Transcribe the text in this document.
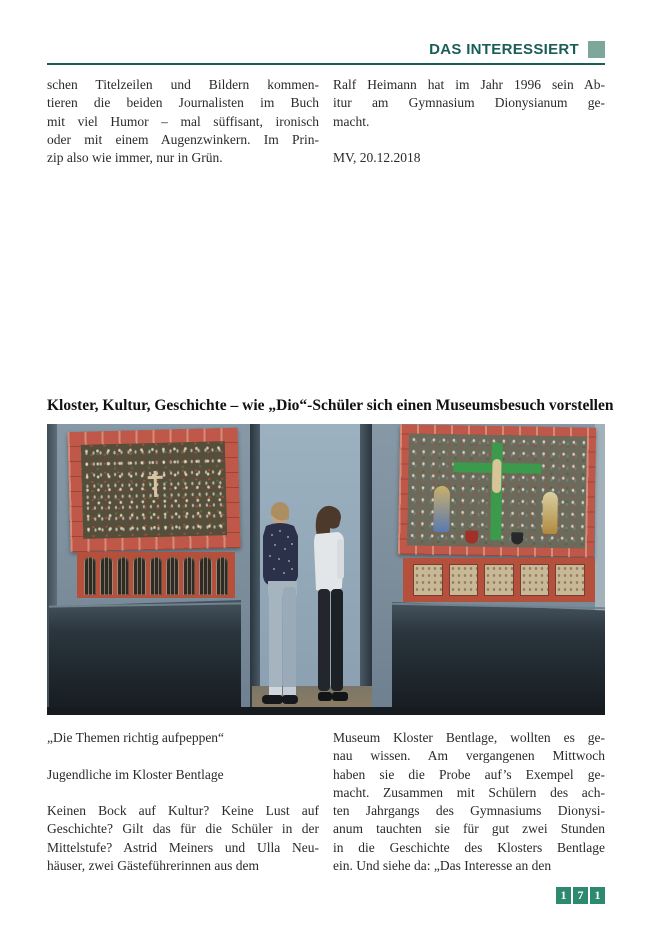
DAS INTERESSIERT
schen Titelzeilen und Bildern kommen-
tieren die beiden Journalisten im Buch
mit viel Humor – mal süffisant, ironisch
oder mit einem Augenzwinkern. Im Prin-
zip also wie immer, nur in Grün.
Ralf Heimann hat im Jahr 1996 sein Ab-
itur am Gymnasium Dionysianum ge-
macht.
MV, 20.12.2018
Kloster, Kultur, Geschichte – wie „Dio“-Schüler sich einen Museumsbesuch vorstellen
„Die Themen richtig aufpeppen“
Jugendliche im Kloster Bentlage
Keinen Bock auf Kultur? Keine Lust auf
Geschichte? Gilt das für die Schüler in der
Mittelstufe? Astrid Meiners und Ulla Neu-
häuser, zwei Gästeführerinnen aus dem
Museum Kloster Bentlage, wollten es ge-
nau wissen. Am vergangenen Mittwoch
haben sie die Probe auf’s Exempel ge-
macht. Zusammen mit Schülern des ach-
ten Jahrgangs des Gymnasiums Dionysi-
anum tauchten sie für gut zwei Stunden
in die Geschichte des Klosters Bentlage
ein. Und siehe da: „Das Interesse an den
1 7 1
